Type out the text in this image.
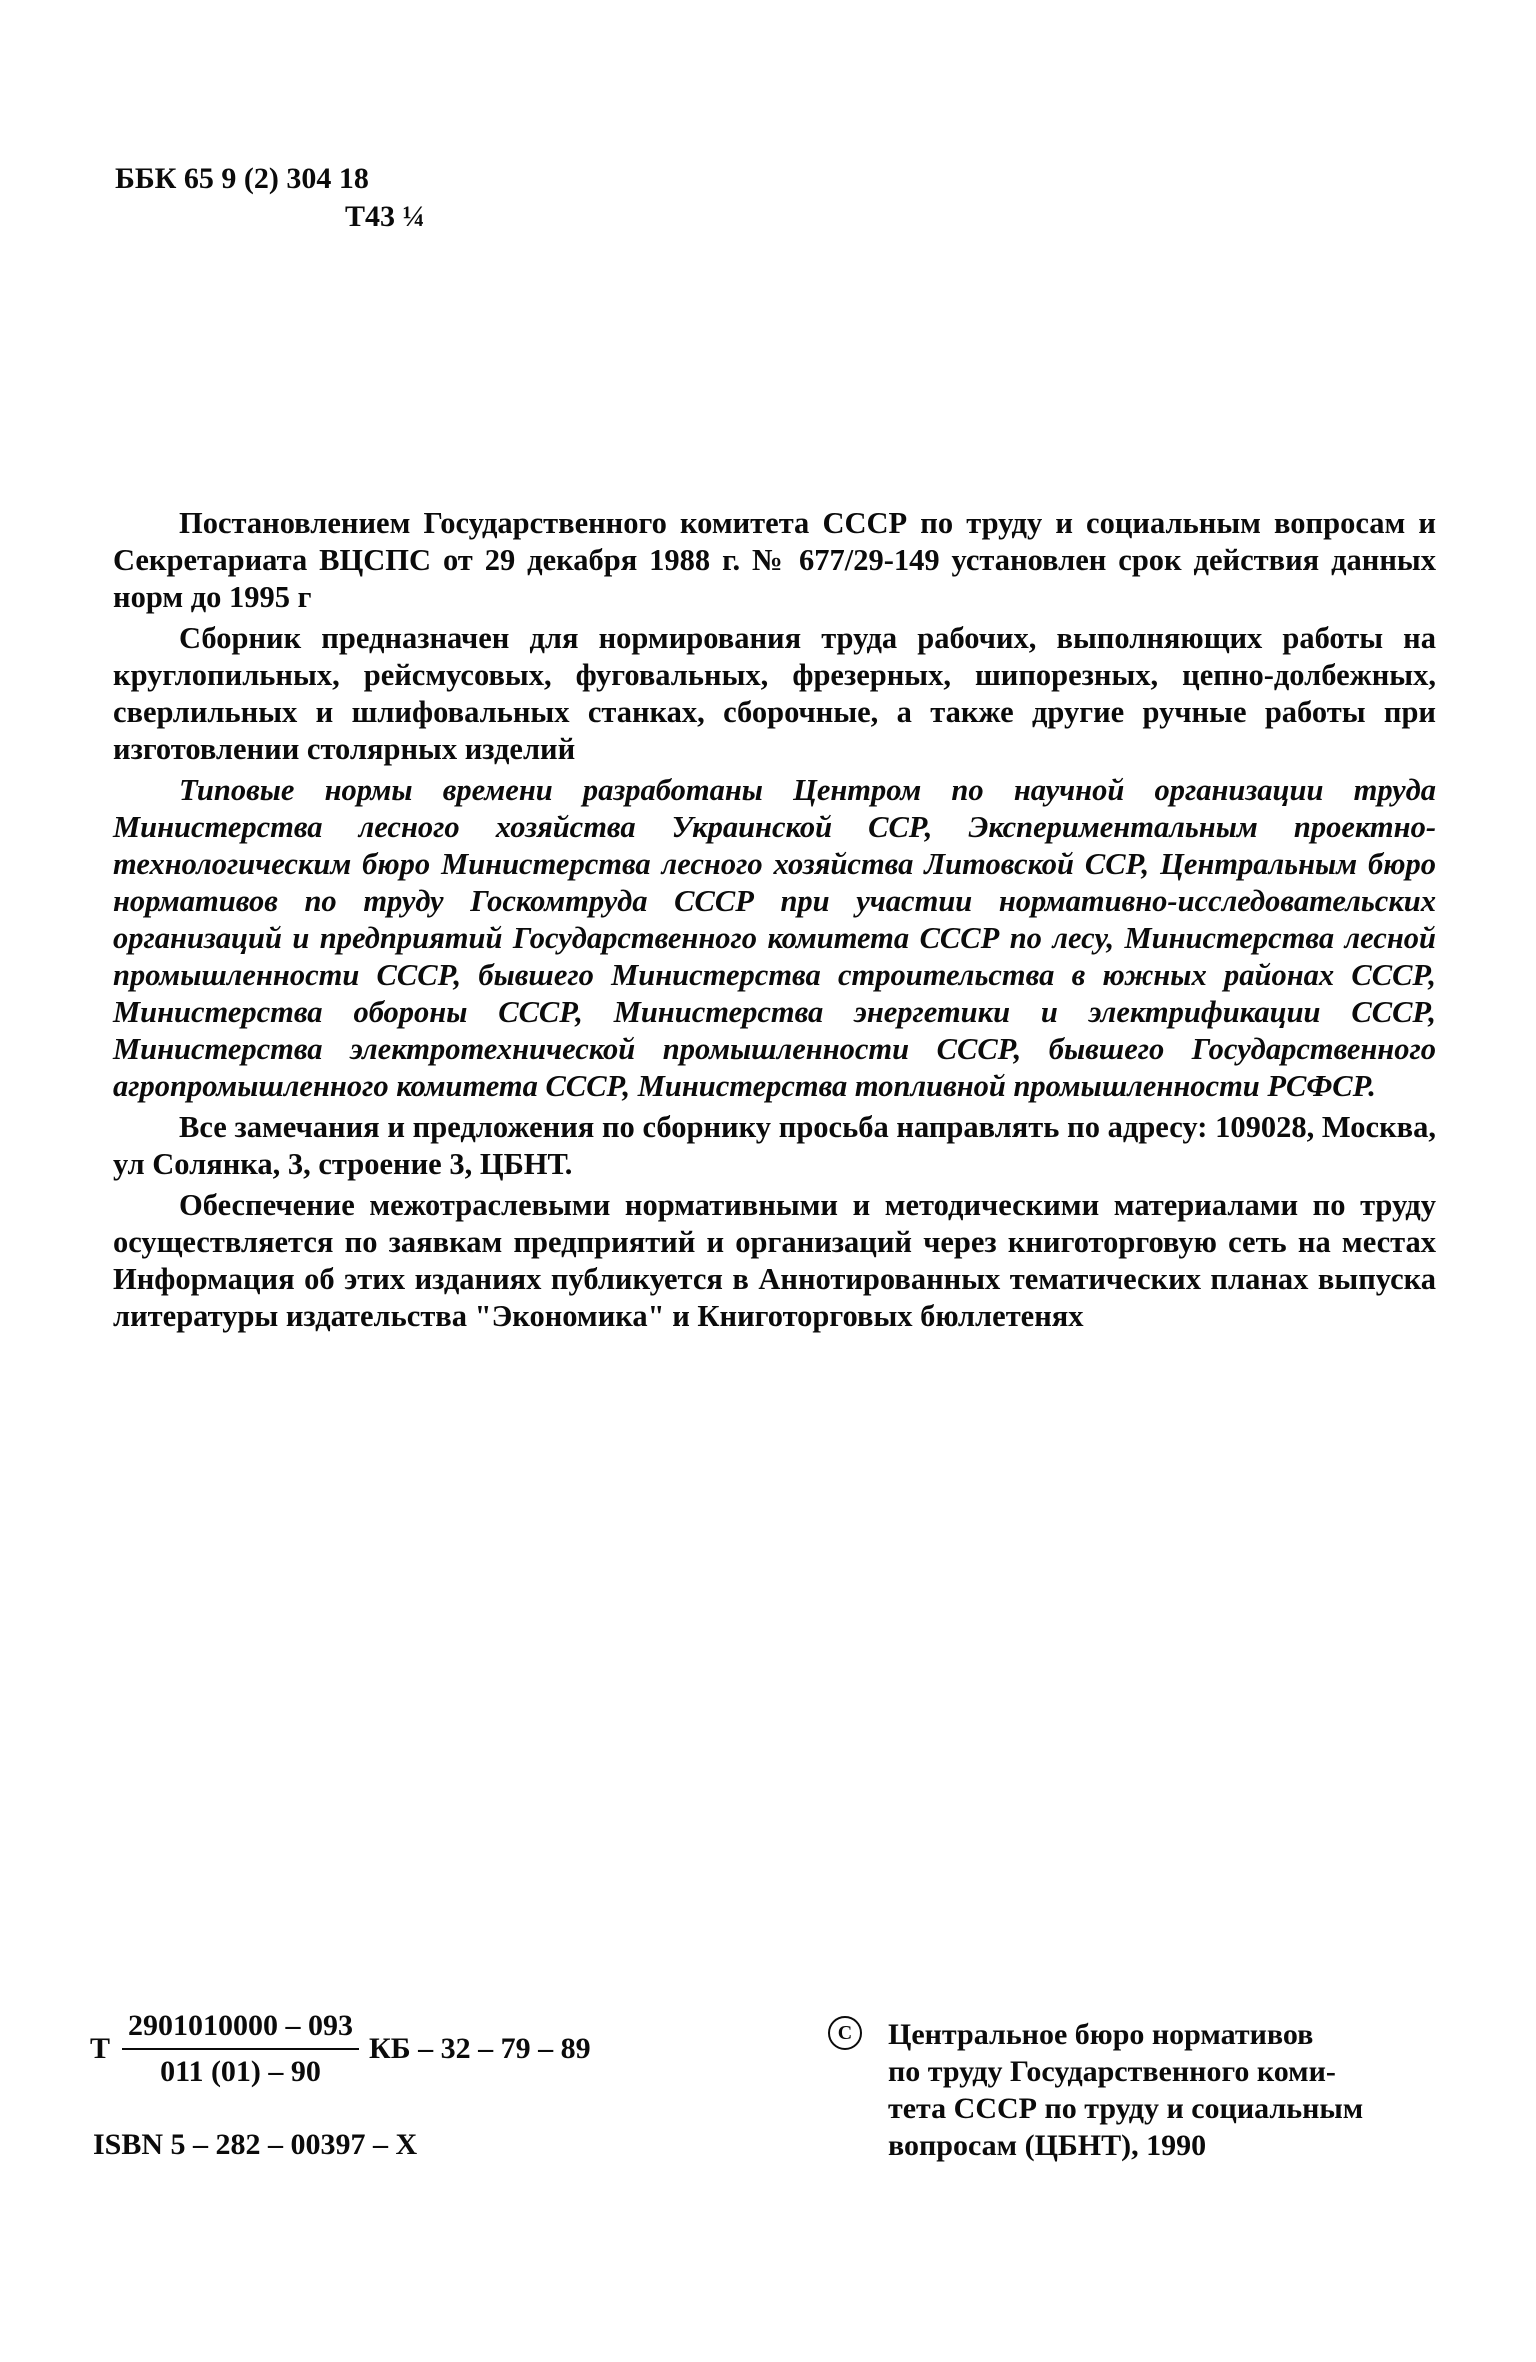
ББК 65 9 (2) 304 18
Т43 ¼

Постановлением Государственного комитета СССР по труду и социальным вопросам и Секретариата ВЦСПС от 29 декабря 1988 г. № 677/29-149 установлен срок действия данных норм до 1995 г

Сборник предназначен для нормирования труда рабочих, выполняющих работы на круглопильных, рейсмусовых, фуговальных, фрезерных, шипорезных, цепно-долбежных, сверлильных и шлифовальных станках, сборочные, а также другие ручные работы при изготовлении столярных изделий

Типовые нормы времени разработаны Центром по научной организации труда Министерства лесного хозяйства Украинской ССР, Экспериментальным проектно-технологическим бюро Министерства лесного хозяйства Литовской ССР, Центральным бюро нормативов по труду Госкомтруда СССР при участии нормативно-исследовательских организаций и предприятий Государственного комитета СССР по лесу, Министерства лесной промышленности СССР, бывшего Министерства строительства в южных районах СССР, Министерства обороны СССР, Министерства энергетики и электрификации СССР, Министерства электротехнической промышленности СССР, бывшего Государственного агропромышленного комитета СССР, Министерства топливной промышленности РСФСР.

Все замечания и предложения по сборнику просьба направлять по адресу: 109028, Москва, ул Солянка, 3, строение 3, ЦБНТ.

Обеспечение межотраслевыми нормативными и методическими материалами по труду осуществляется по заявкам предприятий и организаций через книготорговую сеть на местах Информация об этих изданиях публикуется в Аннотированных тематических планах выпуска литературы издательства "Экономика" и Книготорговых бюллетенях

Т $\frac{2901010000 - 093}{011 (01) - 90}$ КБ – 32 – 79 – 89
ISBN 5 – 282 – 00397 – Х
C	Центральное бюро нормативов
по труду Государственного коми-
тета СССР по труду и социальным
вопросам (ЦБНТ), 1990
